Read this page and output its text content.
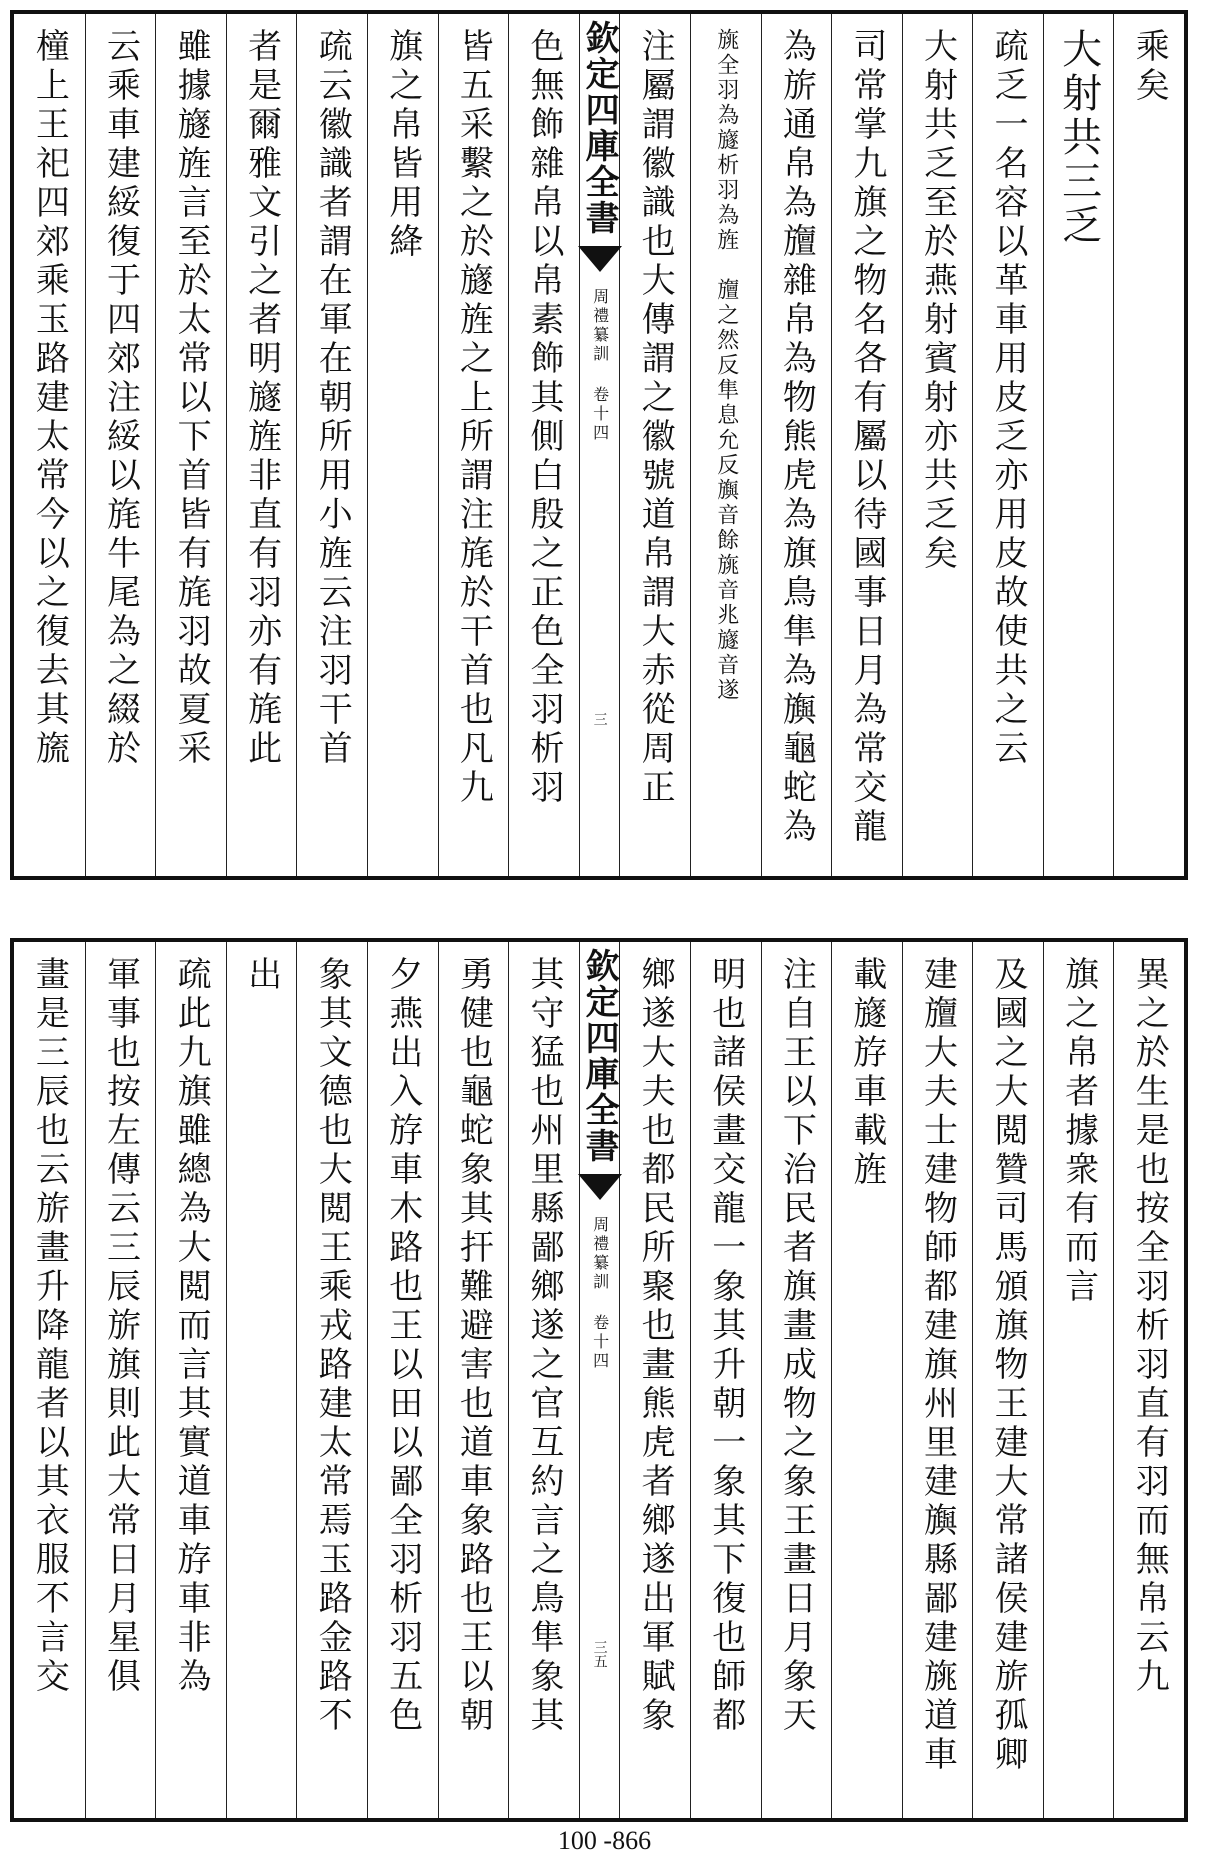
乘矣
大射共三乏
疏乏一名容以革車用皮乏亦用皮故使共之云
大射共乏至於燕射賓射亦共乏矣
司常掌九旗之物名各有屬以待國事日月為常交龍
為旂通帛為旜雜帛為物熊虎為旗鳥隼為旟龜蛇為
旐全羽為旞析羽為旌　旜之然反隼息允反旟音餘旐音兆旞音遂
注屬謂徽識也大傳謂之徽號道帛謂大赤從周正
欽定四庫全書
周禮纂訓 卷十四
三
色無飾雜帛以帛素飾其側白殷之正色全羽析羽
皆五采繫之於旞旌之上所謂注旄於干首也凡九
旗之帛皆用絳
疏云徽識者謂在軍在朝所用小旌云注羽干首
者是爾雅文引之者明旞旌非直有羽亦有旄此
雖據旞旌言至於太常以下首皆有旄羽故夏采
云乘車建綏復于四郊注綏以旄牛尾為之綴於
橦上王祀四郊乘玉路建太常今以之復去其旒
異之於生是也按全羽析羽直有羽而無帛云九
旗之帛者據衆有而言
及國之大閲贊司馬頒旗物王建大常諸侯建旂孤卿
建旜大夫士建物師都建旗州里建旟縣鄙建旐道車
載旞斿車載旌
注自王以下治民者旗畫成物之象王畫日月象天
明也諸侯畫交龍一象其升朝一象其下復也師都
鄉遂大夫也都民所聚也畫熊虎者鄉遂出軍賦象
欽定四庫全書
周禮纂訓 卷十四
三五
其守猛也州里縣鄙鄉遂之官互約言之鳥隼象其
勇健也龜蛇象其扞難避害也道車象路也王以朝
夕燕出入斿車木路也王以田以鄙全羽析羽五色
象其文德也大閲王乘戎路建太常焉玉路金路不
出
疏此九旗雖總為大閲而言其實道車斿車非為
軍事也按左傳云三辰旂旗則此大常日月星俱
畫是三辰也云旂畫升降龍者以其衣服不言交
100 -866
